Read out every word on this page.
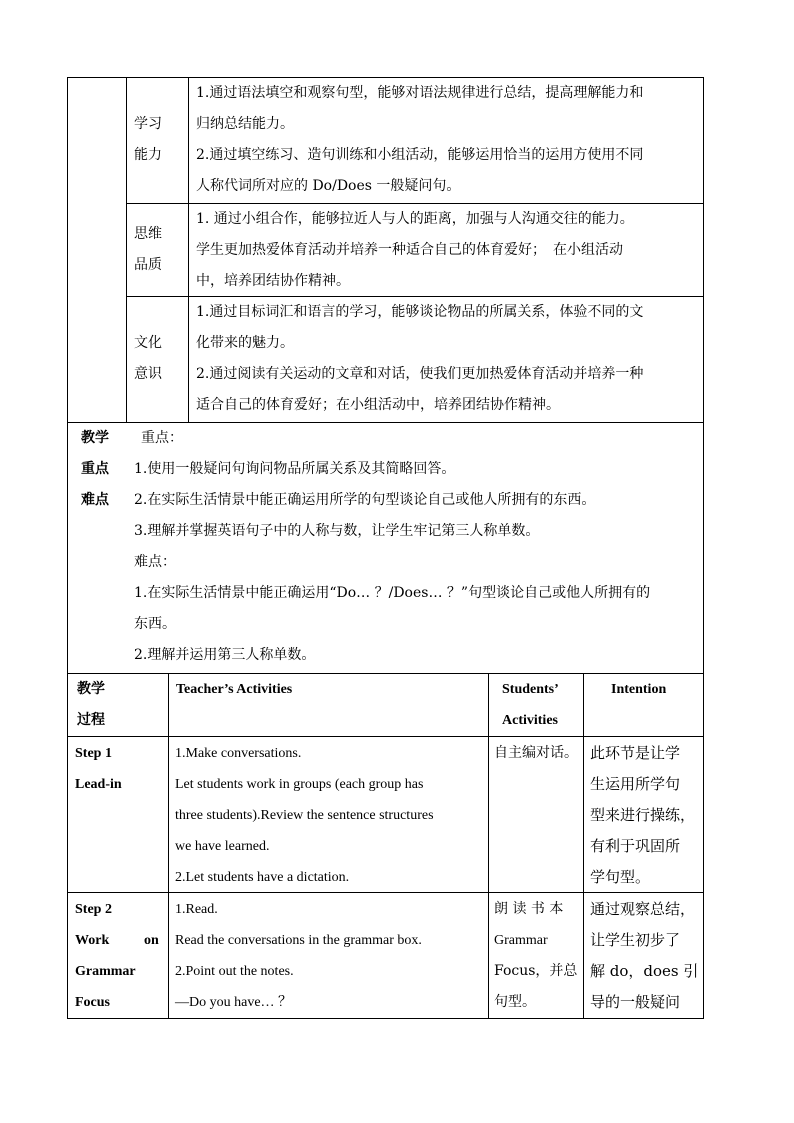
学习
能力
1.通过语法填空和观察句型，能够对语法规律进行总结，提高理解能力和
归纳总结能力。
2.通过填空练习、造句训练和小组活动，能够运用恰当的运用方使用不同
人称代词所对应的 Do/Does 一般疑问句。
思维
品质
1. 通过小组合作，能够拉近人与人的距离，加强与人沟通交往的能力。
学生更加热爱体育活动并培养一种适合自己的体育爱好；　在小组活动
中，培养团结协作精神。
文化
意识
1.通过目标词汇和语言的学习，能够谈论物品的所属关系，体验不同的文
化带来的魅力。
2.通过阅读有关运动的文章和对话，使我们更加热爱体育活动并培养一种
适合自己的体育爱好；在小组活动中，培养团结协作精神。
教学
重点
难点
重点：
1.使用一般疑问句询问物品所属关系及其简略回答。
2.在实际生活情景中能正确运用所学的句型谈论自己或他人所拥有的东西。
3.理解并掌握英语句子中的人称与数，让学生牢记第三人称单数。
难点：
1.在实际生活情景中能正确运用“Do… ？/Does… ？”句型谈论自己或他人所拥有的
东西。
2.理解并运用第三人称单数。
教学
过程
Teacher’s Activities	Students’
Activities
Intention
Step 1
Lead-in
1.Make conversations.
Let students work in groups (each group has
three students).Review the sentence structures
we have learned.
2.Let students have a dictation.
自主编对话。 此环节是让学
生运用所学句
型来进行操练，
有利于巩固所
学句型。
Step 2
Work on
Grammar
Focus
1.Read.
Read the conversations in the grammar box.
2.Point out the notes.
—Do you have… ？
朗 读 书 本
Grammar
Focus，并总
句型。
通过观察总结，
让学生初步了
解 do，does 引
导的一般疑问
